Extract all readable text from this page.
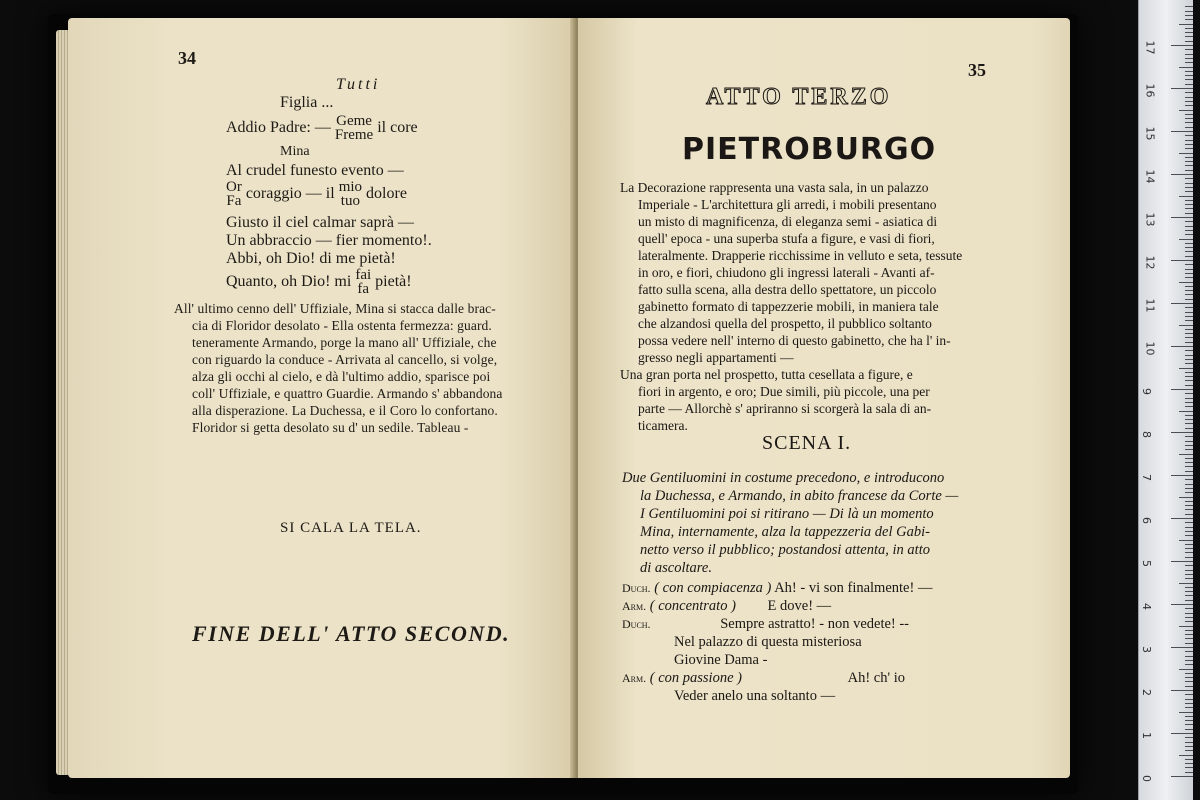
34
Tutti
Figlia ...
Addio Padre: — Geme
Freme il core
Mina
Al crudel funesto evento —
Or
Fa coraggio — il mio
tuo dolore
Giusto il ciel calmar saprà —
Un abbraccio — fier momento!.
Abbi, oh Dio! di me pietà!
Quanto, oh Dio! mi fai
fa pietà!
All' ultimo cenno dell' Uffiziale, Mina si stacca dalle brac-
cia di Floridor desolato - Ella ostenta fermezza: guard.
teneramente Armando, porge la mano all' Uffiziale, che
con riguardo la conduce - Arrivata al cancello, si volge,
alza gli occhi al cielo, e dà l'ultimo addio, sparisce poi
coll' Uffiziale, e quattro Guardie. Armando s' abbandona
alla disperazione. La Duchessa, e il Coro lo confortano.
Floridor si getta desolato su d' un sedile. Tableau -
SI CALA LA TELA.
FINE DELL' ATTO SECOND.
35
ATTO TERZO
PIETROBURGO
La Decorazione rappresenta una vasta sala, in un palazzo
Imperiale - L'architettura gli arredi, i mobili presentano
un misto di magnificenza, di eleganza semi - asiatica di
quell' epoca - una superba stufa a figure, e vasi di fiori,
lateralmente. Drapperie ricchissime in velluto e seta, tessute
in oro, e fiori, chiudono gli ingressi laterali - Avanti af-
fatto sulla scena, alla destra dello spettatore, un piccolo
gabinetto formato di tappezzerie mobili, in maniera tale
che alzandosi quella del prospetto, il pubblico soltanto
possa vedere nell' interno di questo gabinetto, che ha l' in-
gresso negli appartamenti —
Una gran porta nel prospetto, tutta cesellata a figure, e
fiori in argento, e oro; Due simili, più piccole, una per
parte — Allorchè s' apriranno si scorgerà la sala di an-
ticamera.
SCENA I.
Due Gentiluomini in costume precedono, e introducono
la Duchessa, e Armando, in abito francese da Corte —
I Gentiluomini poi si ritirano — Di là un momento
Mina, internamente, alza la tappezzeria del Gabi-
netto verso il pubblico; postandosi attenta, in atto
di ascoltare.
Duch. ( con compiacenza ) Ah! - vi son finalmente! —
Arm. ( concentrato ) E dove! —
Duch.	Sempre astratto! - non vedete! --
Nel palazzo di questa misteriosa
Giovine Dama -
Arm. ( con passione )	Ah! ch' io
Veder anelo una soltanto —
0
1
2
3
4
5
6
7
8
9
10
11
12
13
14
15
16
17
